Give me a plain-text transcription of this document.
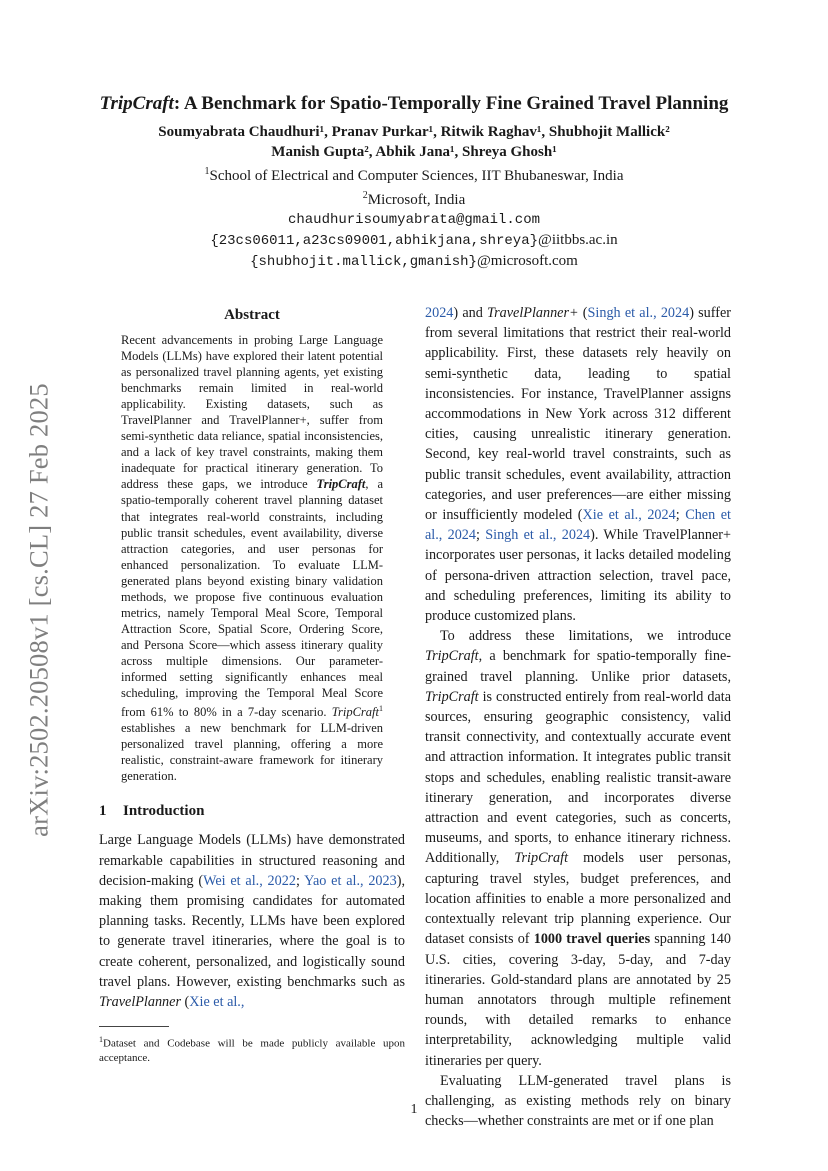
arXiv:2502.20508v1 [cs.CL] 27 Feb 2025
TripCraft: A Benchmark for Spatio-Temporally Fine Grained Travel Planning
Soumyabrata Chaudhuri¹, Pranav Purkar¹, Ritwik Raghav¹, Shubhojit Mallick²
Manish Gupta², Abhik Jana¹, Shreya Ghosh¹
$^1$School of Electrical and Computer Sciences, IIT Bhubaneswar, India
$^2$Microsoft, India
chaudhurisoumyabrata@gmail.com
{23cs06011,a23cs09001,abhikjana,shreya}@iitbbs.ac.in
{shubhojit.mallick,gmanish}@microsoft.com
Abstract

Recent advancements in probing Large Language Models (LLMs) have explored their latent potential as personalized travel planning agents, yet existing benchmarks remain limited in real-world applicability. Existing datasets, such as TravelPlanner and TravelPlanner+, suffer from semi-synthetic data reliance, spatial inconsistencies, and a lack of key travel constraints, making them inadequate for practical itinerary generation. To address these gaps, we introduce TripCraft, a spatio-temporally coherent travel planning dataset that integrates real-world constraints, including public transit schedules, event availability, diverse attraction categories, and user personas for enhanced personalization. To evaluate LLM-generated plans beyond existing binary validation methods, we propose five continuous evaluation metrics, namely Temporal Meal Score, Temporal Attraction Score, Spatial Score, Ordering Score, and Persona Score—which assess itinerary quality across multiple dimensions. Our parameter-informed setting significantly enhances meal scheduling, improving the Temporal Meal Score from 61% to 80% in a 7-day scenario. TripCraft$^1$ establishes a new benchmark for LLM-driven personalized travel planning, offering a more realistic, constraint-aware framework for itinerary generation.

1 Introduction

Large Language Models (LLMs) have demonstrated remarkable capabilities in structured reasoning and decision-making (Wei et al., 2022; Yao et al., 2023), making them promising candidates for automated planning tasks. Recently, LLMs have been explored to generate travel itineraries, where the goal is to create coherent, personalized, and logistically sound travel plans. However, existing benchmarks such as TravelPlanner (Xie et al.,

$^1$Dataset and Codebase will be made publicly available upon acceptance.

2024) and TravelPlanner+ (Singh et al., 2024) suffer from several limitations that restrict their real-world applicability. First, these datasets rely heavily on semi-synthetic data, leading to spatial inconsistencies. For instance, TravelPlanner assigns accommodations in New York across 312 different cities, causing unrealistic itinerary generation. Second, key real-world travel constraints, such as public transit schedules, event availability, attraction categories, and user preferences—are either missing or insufficiently modeled (Xie et al., 2024; Chen et al., 2024; Singh et al., 2024). While TravelPlanner+ incorporates user personas, it lacks detailed modeling of persona-driven attraction selection, travel pace, and scheduling preferences, limiting its ability to produce customized plans.

To address these limitations, we introduce TripCraft, a benchmark for spatio-temporally fine-grained travel planning. Unlike prior datasets, TripCraft is constructed entirely from real-world data sources, ensuring geographic consistency, valid transit connectivity, and contextually accurate event and attraction information. It integrates public transit stops and schedules, enabling realistic transit-aware itinerary generation, and incorporates diverse attraction and event categories, such as concerts, museums, and sports, to enhance itinerary richness. Additionally, TripCraft models user personas, capturing travel styles, budget preferences, and location affinities to enable a more personalized and contextually relevant trip planning experience. Our dataset consists of 1000 travel queries spanning 140 U.S. cities, covering 3-day, 5-day, and 7-day itineraries. Gold-standard plans are annotated by 25 human annotators through multiple refinement rounds, with detailed remarks to enhance interpretability, acknowledging multiple valid itineraries per query.

Evaluating LLM-generated travel plans is challenging, as existing methods rely on binary checks—whether constraints are met or if one plan

1
